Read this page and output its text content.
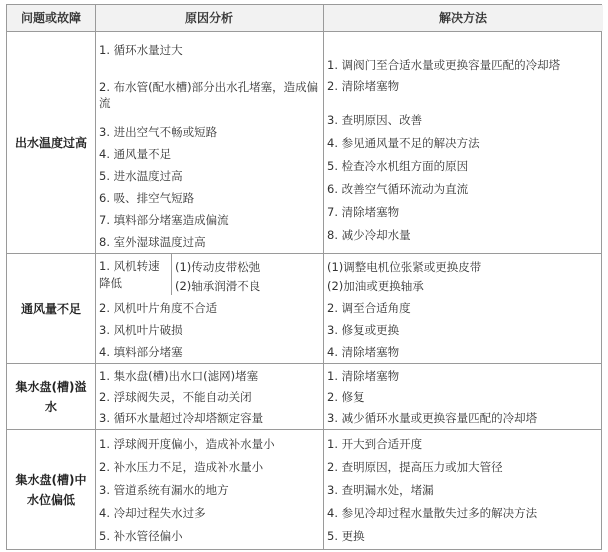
问题或故障	原因分析	解决方法
出水温度过高
1. 循环水量过大
2. 布水管(配水槽)部分出水孔堵塞，造成偏流
3. 进出空气不畅或短路
4. 通风量不足
5. 进水温度过高
6. 吸、排空气短路
7. 填料部分堵塞造成偏流
8. 室外湿球温度过高
1. 调阀门至合适水量或更换容量匹配的冷却塔
2. 清除堵塞物
3. 查明原因、改善
4. 参见通风量不足的解决方法
5. 检查冷水机组方面的原因
6. 改善空气循环流动为直流
7. 清除堵塞物
8. 减少冷却水量
通风量不足
1. 风机转速降低
(1)传动皮带松弛
(2)轴承润滑不良
2. 风机叶片角度不合适
3. 风机叶片破损
4. 填料部分堵塞
(1)调整电机位张紧或更换皮带
(2)加油或更换轴承
2. 调至合适角度
3. 修复或更换
4. 清除堵塞物
集水盘(槽)溢水
1. 集水盘(槽)出水口(滤网)堵塞
2. 浮球阀失灵，不能自动关闭
3. 循环水量超过冷却塔额定容量
1. 清除堵塞物
2. 修复
3. 减少循环水量或更换容量匹配的冷却塔
集水盘(槽)中水位偏低
1. 浮球阀开度偏小，造成补水量小
2. 补水压力不足，造成补水量小
3. 管道系统有漏水的地方
4. 冷却过程失水过多
5. 补水管径偏小
1. 开大到合适开度
2. 查明原因，提高压力或加大管径
3. 查明漏水处，堵漏
4. 参见冷却过程水量散失过多的解决方法
5. 更换
